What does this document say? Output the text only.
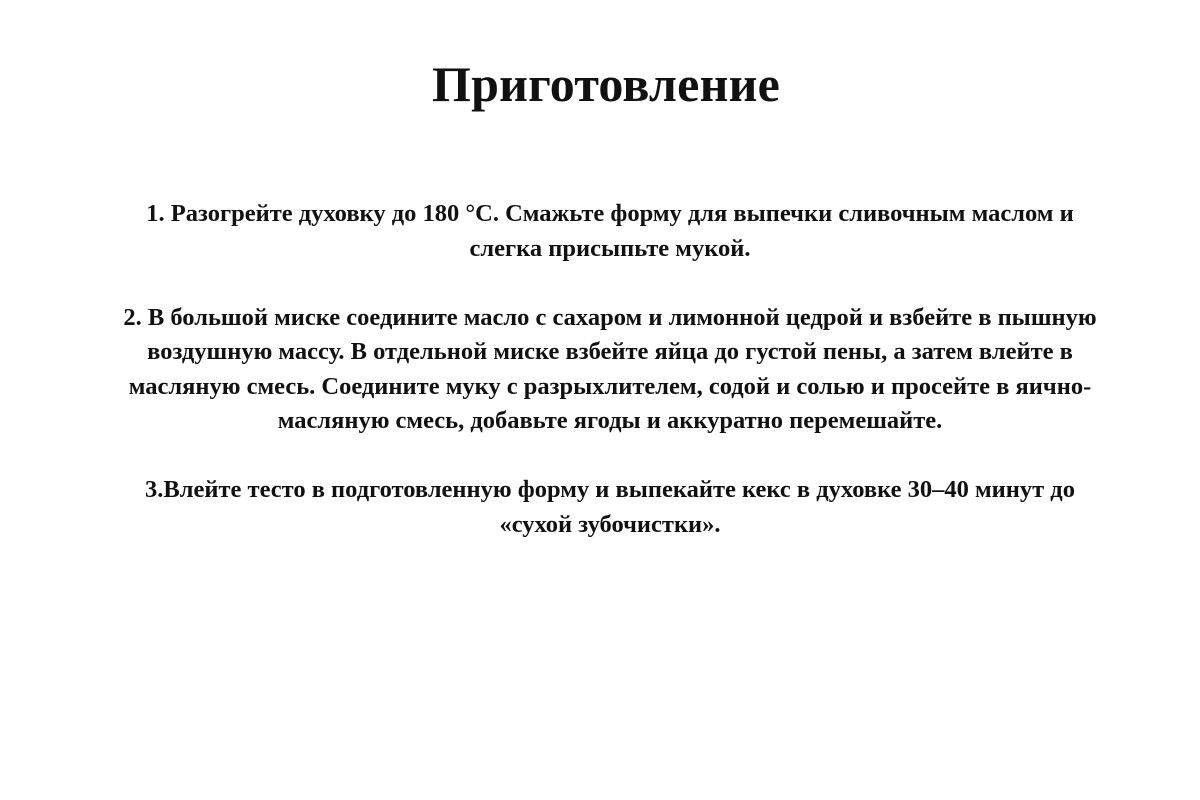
Приготовление
1. Разогрейте духовку до 180 °C. Смажьте форму для выпечки сливочным маслом и слегка присыпьте мукой.
2. В большой миске соедините масло с сахаром и лимонной цедрой и взбейте в пышную воздушную массу. В отдельной миске взбейте яйца до густой пены, а затем влейте в масляную смесь. Соедините муку с разрыхлителем, содой и солью и просейте в яично-масляную смесь, добавьте ягоды и аккуратно перемешайте.
3.Влейте тесто в подготовленную форму и выпекайте кекс в духовке 30–40 минут до «сухой зубочистки».
